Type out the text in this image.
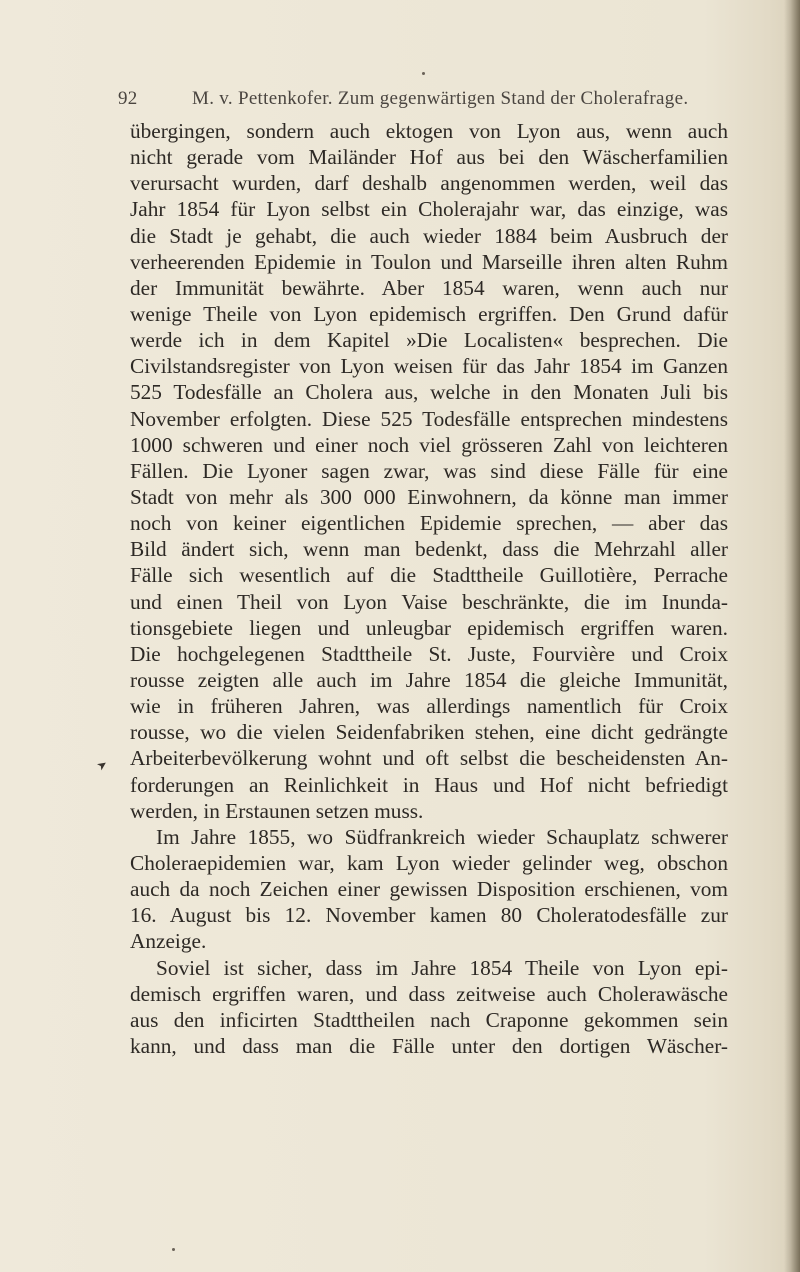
92	M. v. Pettenkofer. Zum gegenwärtigen Stand der Cholerafrage.
übergingen, sondern auch ektogen von Lyon aus, wenn auch
nicht gerade vom Mailänder Hof aus bei den Wäscherfamilien
verursacht wurden, darf deshalb angenommen werden, weil das
Jahr 1854 für Lyon selbst ein Cholerajahr war, das einzige, was
die Stadt je gehabt, die auch wieder 1884 beim Ausbruch der
verheerenden Epidemie in Toulon und Marseille ihren alten Ruhm
der Immunität bewährte. Aber 1854 waren, wenn auch nur
wenige Theile von Lyon epidemisch ergriffen. Den Grund dafür
werde ich in dem Kapitel »Die Localisten« besprechen. Die
Civilstandsregister von Lyon weisen für das Jahr 1854 im Ganzen
525 Todesfälle an Cholera aus, welche in den Monaten Juli bis
November erfolgten. Diese 525 Todesfälle entsprechen mindestens
1000 schweren und einer noch viel grösseren Zahl von leichteren
Fällen. Die Lyoner sagen zwar, was sind diese Fälle für eine
Stadt von mehr als 300 000 Einwohnern, da könne man immer
noch von keiner eigentlichen Epidemie sprechen, — aber das
Bild ändert sich, wenn man bedenkt, dass die Mehrzahl aller
Fälle sich wesentlich auf die Stadttheile Guillotière, Perrache
und einen Theil von Lyon Vaise beschränkte, die im Inunda-
tionsgebiete liegen und unleugbar epidemisch ergriffen waren.
Die hochgelegenen Stadttheile St. Juste, Fourvière und Croix
rousse zeigten alle auch im Jahre 1854 die gleiche Immunität,
wie in früheren Jahren, was allerdings namentlich für Croix
rousse, wo die vielen Seidenfabriken stehen, eine dicht gedrängte
Arbeiterbevölkerung wohnt und oft selbst die bescheidensten An-
forderungen an Reinlichkeit in Haus und Hof nicht befriedigt
werden, in Erstaunen setzen muss.
Im Jahre 1855, wo Südfrankreich wieder Schauplatz schwerer
Choleraepidemien war, kam Lyon wieder gelinder weg, obschon
auch da noch Zeichen einer gewissen Disposition erschienen, vom
16. August bis 12. November kamen 80 Choleratodesfälle zur
Anzeige.
Soviel ist sicher, dass im Jahre 1854 Theile von Lyon epi-
demisch ergriffen waren, und dass zeitweise auch Cholerawäsche
aus den inficirten Stadttheilen nach Craponne gekommen sein
kann, und dass man die Fälle unter den dortigen Wäscher-
➤
